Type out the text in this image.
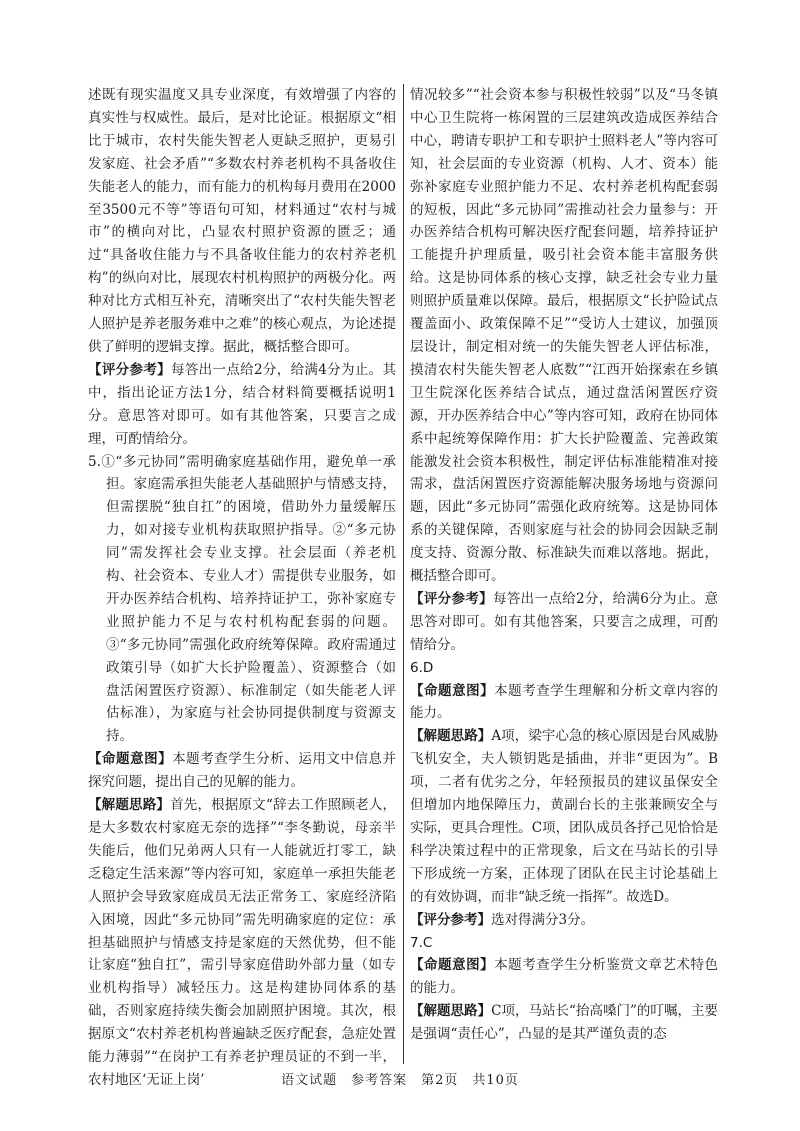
述既有现实温度又具专业深度，有效增强了内容的真实性与权威性。最后，是对比论证。根据原文“相比于城市，农村失能失智老人更缺乏照护，更易引发家庭、社会矛盾”“多数农村养老机构不具备收住失能老人的能力，而有能力的机构每月费用在2000至3500元不等”等语句可知，材料通过“农村与城市”的横向对比，凸显农村照护资源的匮乏；通过“具备收住能力与不具备收住能力的农村养老机构”的纵向对比，展现农村机构照护的两极分化。两种对比方式相互补充，清晰突出了“农村失能失智老人照护是养老服务难中之难”的核心观点，为论述提供了鲜明的逻辑支撑。据此，概括整合即可。

【评分参考】每答出一点给2分，给满4分为止。其中，指出论证方法1分，结合材料简要概括说明1分。意思答对即可。如有其他答案，只要言之成理，可酌情给分。

5.①“多元协同”需明确家庭基础作用，避免单一承担。家庭需承担失能老人基础照护与情感支持，但需摆脱“独自扛”的困境，借助外力量缓解压力，如对接专业机构获取照护指导。②“多元协同”需发挥社会专业支撑。社会层面（养老机构、社会资本、专业人才）需提供专业服务，如开办医养结合机构、培养持证护工，弥补家庭专业照护能力不足与农村机构配套弱的问题。③“多元协同”需强化政府统筹保障。政府需通过政策引导（如扩大长护险覆盖）、资源整合（如盘活闲置医疗资源）、标准制定（如失能老人评估标准），为家庭与社会协同提供制度与资源支持。

【命题意图】本题考查学生分析、运用文中信息并探究问题，提出自己的见解的能力。

【解题思路】首先，根据原文“辞去工作照顾老人，是大多数农村家庭无奈的选择”“李冬勤说，母亲半失能后，他们兄弟两人只有一人能就近打零工，缺乏稳定生活来源”等内容可知，家庭单一承担失能老人照护会导致家庭成员无法正常务工、家庭经济陷入困境，因此“多元协同”需先明确家庭的定位：承担基础照护与情感支持是家庭的天然优势，但不能让家庭“独自扛”，需引导家庭借助外部力量（如专业机构指导）减轻压力。这是构建协同体系的基础，否则家庭持续失衡会加剧照护困境。其次，根据原文“农村养老机构普遍缺乏医疗配套，急症处置能力薄弱”“在岗护工有养老护理员证的不到一半，农村地区‘无证上岗’

情况较多”“社会资本参与积极性较弱”以及“马冬镇中心卫生院将一栋闲置的三层建筑改造成医养结合中心，聘请专职护工和专职护士照料老人”等内容可知，社会层面的专业资源（机构、人才、资本）能弥补家庭专业照护能力不足、农村养老机构配套弱的短板，因此“多元协同”需推动社会力量参与：开办医养结合机构可解决医疗配套问题，培养持证护工能提升护理质量，吸引社会资本能丰富服务供给。这是协同体系的核心支撑，缺乏社会专业力量则照护质量难以保障。最后，根据原文“长护险试点覆盖面小、政策保障不足”“受访人士建议，加强顶层设计，制定相对统一的失能失智老人评估标准，摸清农村失能失智老人底数”“江西开始探索在乡镇卫生院深化医养结合试点，通过盘活闲置医疗资源，开办医养结合中心”等内容可知，政府在协同体系中起统筹保障作用：扩大长护险覆盖、完善政策能激发社会资本积极性，制定评估标准能精准对接需求，盘活闲置医疗资源能解决服务场地与资源问题，因此“多元协同”需强化政府统筹。这是协同体系的关键保障，否则家庭与社会的协同会因缺乏制度支持、资源分散、标准缺失而难以落地。据此，概括整合即可。

【评分参考】每答出一点给2分，给满6分为止。意思答对即可。如有其他答案，只要言之成理，可酌情给分。

6.D

【命题意图】本题考查学生理解和分析文章内容的能力。

【解题思路】A项，梁宇心急的核心原因是台风威胁飞机安全，夫人锁钥匙是插曲，并非“更因为”。B项，二者有优劣之分，年轻预报员的建议虽保安全但增加内地保障压力，黄副台长的主张兼顾安全与实际，更具合理性。C项，团队成员各抒己见恰恰是科学决策过程中的正常现象，后文在马站长的引导下形成统一方案，正体现了团队在民主讨论基础上的有效协调，而非“缺乏统一指挥”。故选D。

【评分参考】选对得满分3分。

7.C

【命题意图】本题考查学生分析鉴赏文章艺术特色的能力。

【解题思路】C项，马站长“抬高嗓门”的叮嘱，主要是强调“责任心”，凸显的是其严谨负责的态

语文试题　参考答案　第2页　共10页
